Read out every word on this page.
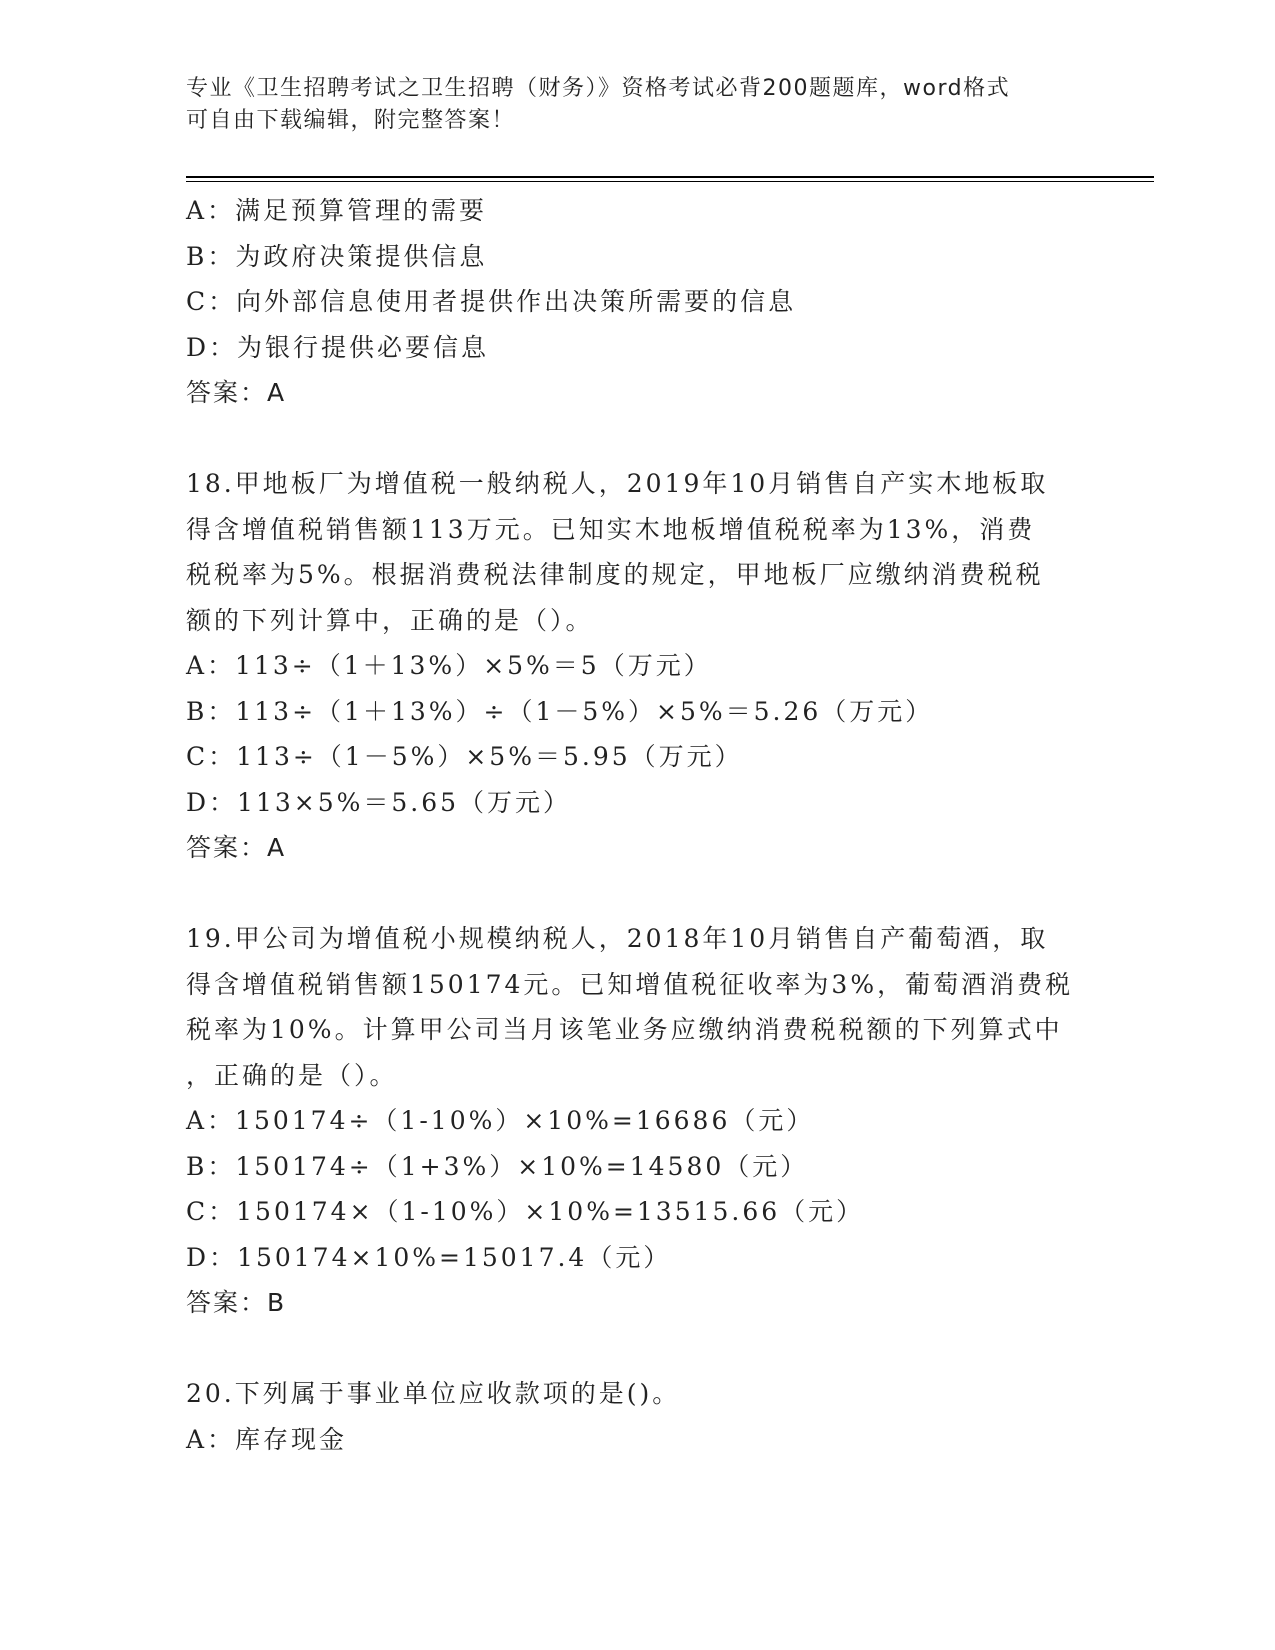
专业《卫生招聘考试之卫生招聘（财务）》资格考试必背200题题库，word格式
可自由下载编辑，附完整答案！
A：满足预算管理的需要
B：为政府决策提供信息
C：向外部信息使用者提供作出决策所需要的信息
D：为银行提供必要信息
答案：A
18.甲地板厂为增值税一般纳税人，2019年10月销售自产实木地板取
得含增值税销售额113万元。已知实木地板增值税税率为13%，消费
税税率为5%。根据消费税法律制度的规定，甲地板厂应缴纳消费税税
额的下列计算中，正确的是（）。
A：113÷（1＋13%）×5%＝5（万元）
B：113÷（1＋13%）÷（1－5%）×5%＝5.26（万元）
C：113÷（1－5%）×5%＝5.95（万元）
D：113×5%＝5.65（万元）
答案：A
19.甲公司为增值税小规模纳税人，2018年10月销售自产葡萄酒，取
得含增值税销售额150174元。已知增值税征收率为3%，葡萄酒消费税
税率为10%。计算甲公司当月该笔业务应缴纳消费税税额的下列算式中
，正确的是（）。
A：150174÷（1-10%）×10%=16686（元）
B：150174÷（1+3%）×10%=14580（元）
C：150174×（1-10%）×10%=13515.66（元）
D：150174×10%=15017.4（元）
答案：B
20.下列属于事业单位应收款项的是()。
A：库存现金
